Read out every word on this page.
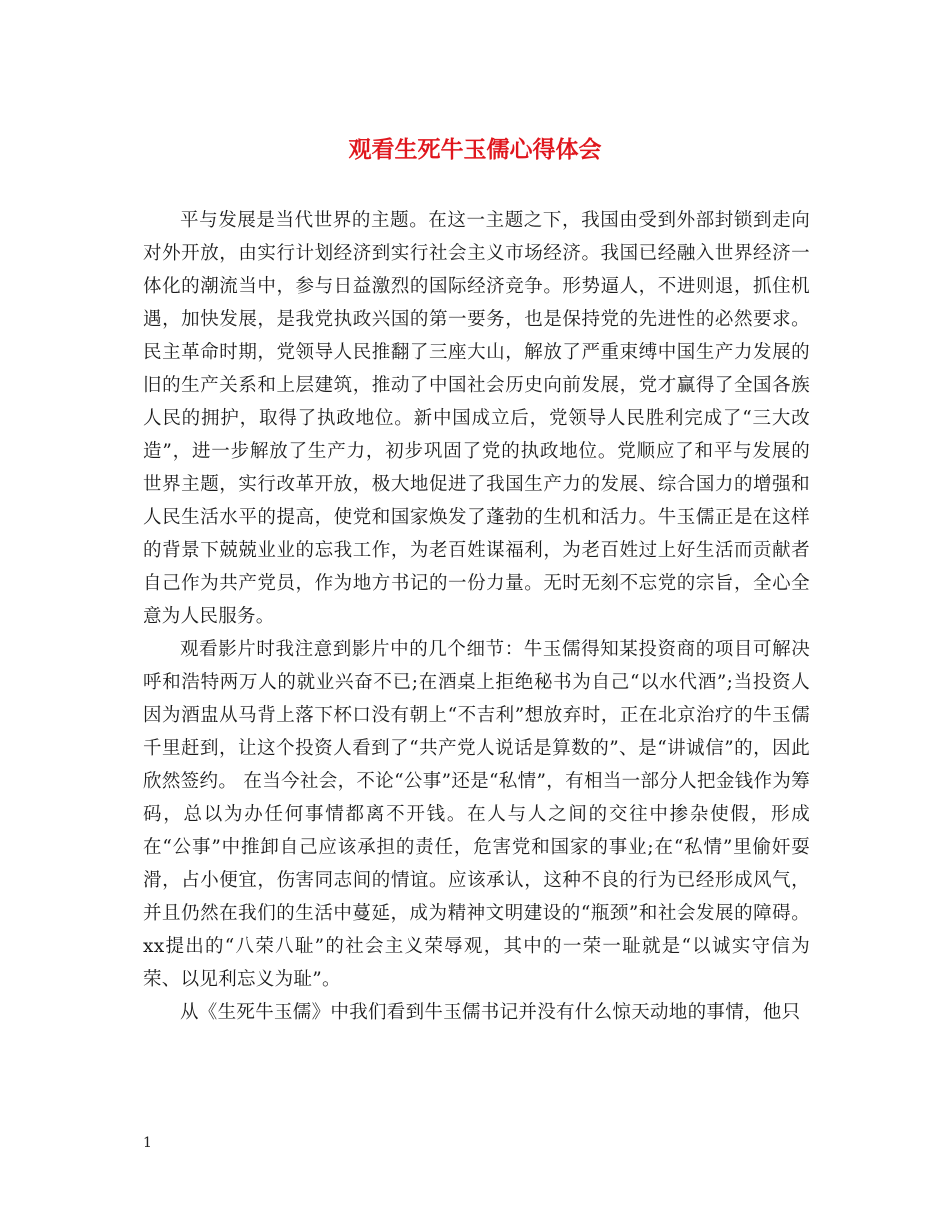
观看生死牛玉儒心得体会

平与发展是当代世界的主题。在这一主题之下，我国由受到外部封锁到走向对外开放，由实行计划经济到实行社会主义市场经济。我国已经融入世界经济一体化的潮流当中，参与日益激烈的国际经济竞争。形势逼人，不进则退，抓住机遇，加快发展，是我党执政兴国的第一要务，也是保持党的先进性的必然要求。民主革命时期，党领导人民推翻了三座大山，解放了严重束缚中国生产力发展的旧的生产关系和上层建筑，推动了中国社会历史向前发展，党才赢得了全国各族人民的拥护，取得了执政地位。新中国成立后，党领导人民胜利完成了“三大改造”，进一步解放了生产力，初步巩固了党的执政地位。党顺应了和平与发展的世界主题，实行改革开放，极大地促进了我国生产力的发展、综合国力的增强和人民生活水平的提高，使党和国家焕发了蓬勃的生机和活力。牛玉儒正是在这样的背景下兢兢业业的忘我工作，为老百姓谋福利，为老百姓过上好生活而贡献者自己作为共产党员，作为地方书记的一份力量。无时无刻不忘党的宗旨，全心全意为人民服务。

观看影片时我注意到影片中的几个细节：牛玉儒得知某投资商的项目可解决呼和浩特两万人的就业兴奋不已;在酒桌上拒绝秘书为自己“以水代酒”;当投资人因为酒盅从马背上落下杯口没有朝上“不吉利”想放弃时，正在北京治疗的牛玉儒千里赶到，让这个投资人看到了“共产党人说话是算数的”、是“讲诚信”的，因此欣然签约。 在当今社会，不论“公事”还是“私情”，有相当一部分人把金钱作为筹码，总以为办任何事情都离不开钱。在人与人之间的交往中掺杂使假，形成在“公事”中推卸自己应该承担的责任，危害党和国家的事业;在“私情”里偷奸耍滑，占小便宜，伤害同志间的情谊。应该承认，这种不良的行为已经形成风气，并且仍然在我们的生活中蔓延，成为精神文明建设的“瓶颈”和社会发展的障碍。xx提出的“八荣八耻”的社会主义荣辱观，其中的一荣一耻就是“以诚实守信为荣、以见利忘义为耻”。

从《生死牛玉儒》中我们看到牛玉儒书记并没有什么惊天动地的事情，他只

1
